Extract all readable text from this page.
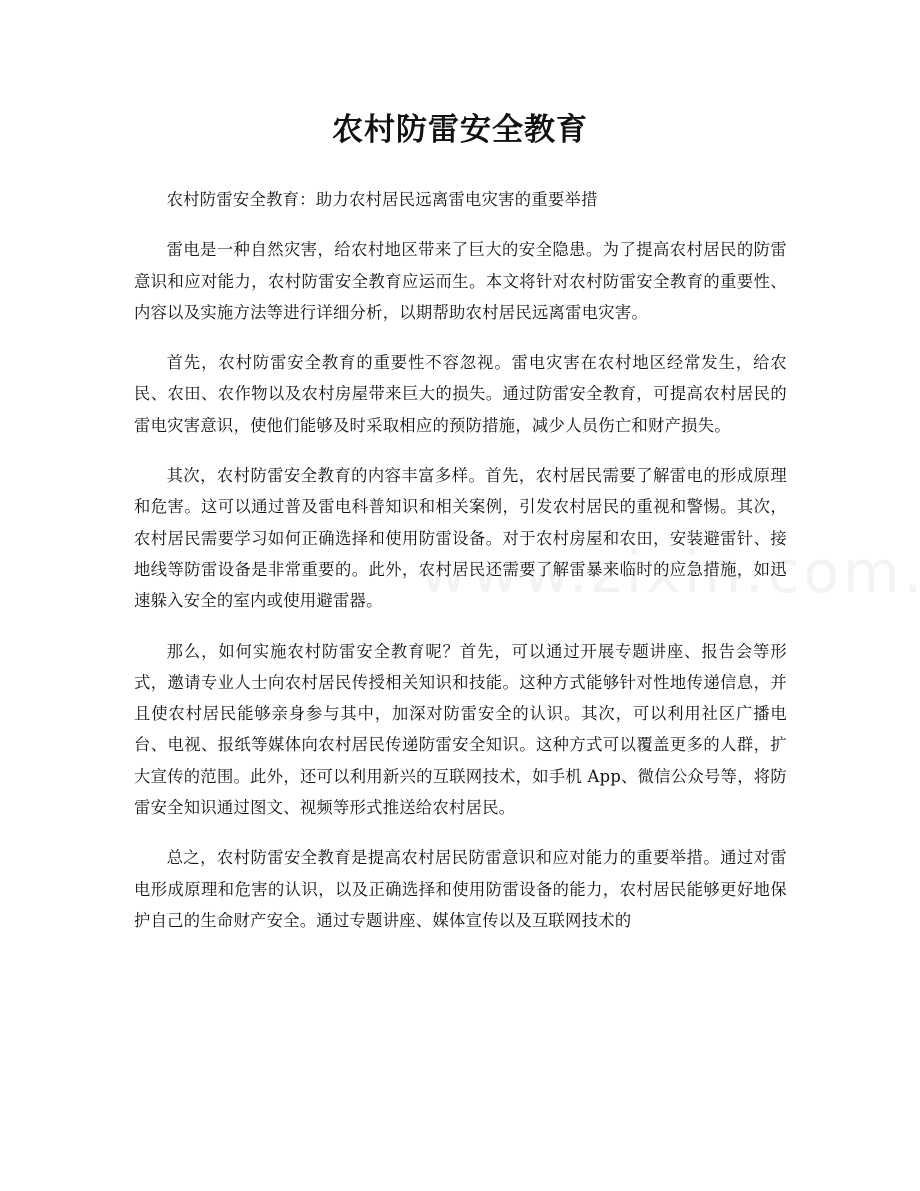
农村防雷安全教育

农村防雷安全教育：助力农村居民远离雷电灾害的重要举措

雷电是一种自然灾害，给农村地区带来了巨大的安全隐患。为了提高农村居民的防雷意识和应对能力，农村防雷安全教育应运而生。本文将针对农村防雷安全教育的重要性、内容以及实施方法等进行详细分析，以期帮助农村居民远离雷电灾害。

首先，农村防雷安全教育的重要性不容忽视。雷电灾害在农村地区经常发生，给农民、农田、农作物以及农村房屋带来巨大的损失。通过防雷安全教育，可提高农村居民的雷电灾害意识，使他们能够及时采取相应的预防措施，减少人员伤亡和财产损失。

其次，农村防雷安全教育的内容丰富多样。首先，农村居民需要了解雷电的形成原理和危害。这可以通过普及雷电科普知识和相关案例，引发农村居民的重视和警惕。其次，农村居民需要学习如何正确选择和使用防雷设备。对于农村房屋和农田，安装避雷针、接地线等防雷设备是非常重要的。此外，农村居民还需要了解雷暴来临时的应急措施，如迅速躲入安全的室内或使用避雷器。

那么，如何实施农村防雷安全教育呢？首先，可以通过开展专题讲座、报告会等形式，邀请专业人士向农村居民传授相关知识和技能。这种方式能够针对性地传递信息，并且使农村居民能够亲身参与其中，加深对防雷安全的认识。其次，可以利用社区广播电台、电视、报纸等媒体向农村居民传递防雷安全知识。这种方式可以覆盖更多的人群，扩大宣传的范围。此外，还可以利用新兴的互联网技术，如手机 App、微信公众号等，将防雷安全知识通过图文、视频等形式推送给农村居民。

总之，农村防雷安全教育是提高农村居民防雷意识和应对能力的重要举措。通过对雷电形成原理和危害的认识，以及正确选择和使用防雷设备的能力，农村居民能够更好地保护自己的生命财产安全。通过专题讲座、媒体宣传以及互联网技术的
